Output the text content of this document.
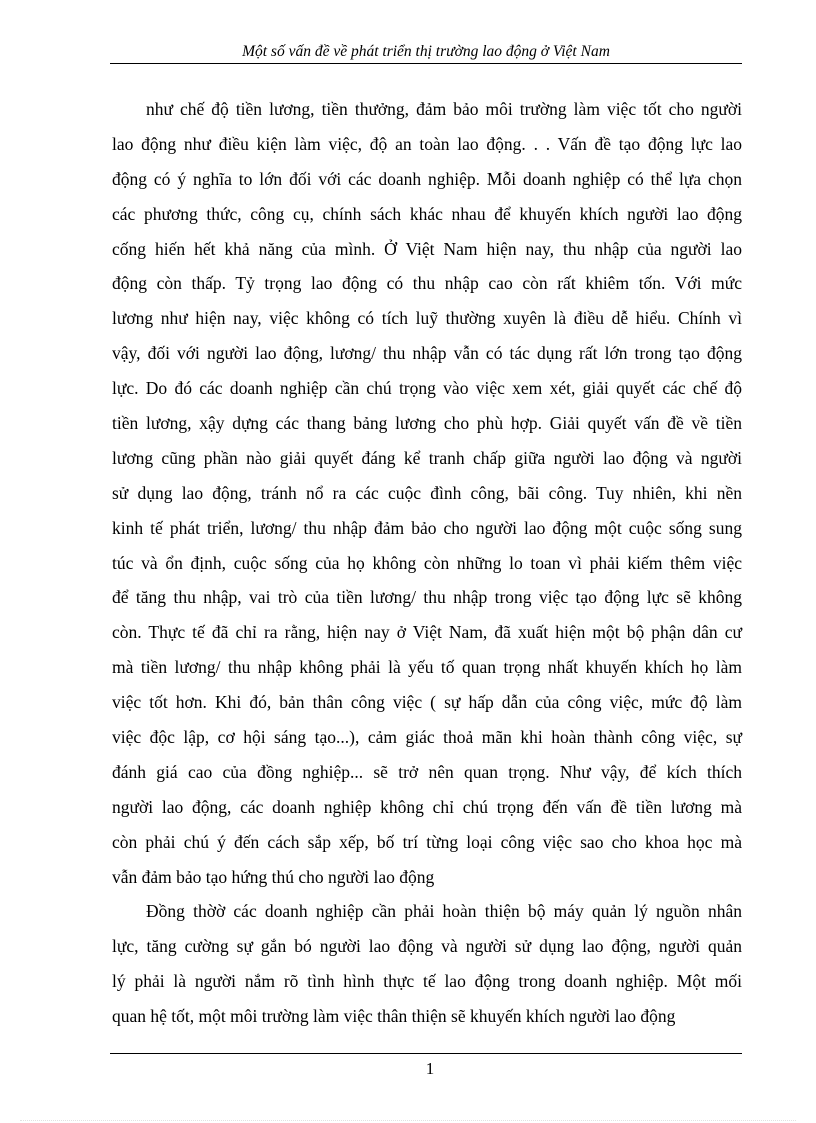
Một số vấn đề về phát triển thị trường lao động ở Việt Nam
như chế độ tiền lương, tiền thưởng, đảm bảo môi trường làm việc tốt cho người
lao động như điều kiện làm việc, độ an toàn lao động. . . Vấn đề tạo động lực lao
động có ý nghĩa to lớn đối với các doanh nghiệp. Mỗi doanh nghiệp có thể lựa chọn
các phương thức, công cụ, chính sách khác nhau để khuyến khích người lao động
cống hiến hết khả năng của mình. Ở Việt Nam hiện nay, thu nhập của người lao
động còn thấp. Tỷ trọng lao động có thu nhập cao còn rất khiêm tốn. Với mức
lương như hiện nay, việc không có tích luỹ thường xuyên là điều dễ hiểu. Chính vì
vậy, đối với người lao động, lương/ thu nhập vẫn có tác dụng rất lớn trong tạo động
lực. Do đó các doanh nghiệp cần chú trọng vào việc xem xét, giải quyết các chế độ
tiền lương, xậy dựng các thang bảng lương cho phù hợp. Giải quyết vấn đề về tiền
lương cũng phần nào giải quyết đáng kể tranh chấp giữa người lao động và người
sử dụng lao động, tránh nổ ra các cuộc đình công, bãi công. Tuy nhiên, khi nền
kinh tế phát triển, lương/ thu nhập đảm bảo cho người lao động một cuộc sống sung
túc và ổn định, cuộc sống của họ không còn những lo toan vì phải kiếm thêm việc
để tăng thu nhập, vai trò của tiền lương/ thu nhập trong việc tạo động lực sẽ không
còn. Thực tế đã chỉ ra rằng, hiện nay ở Việt Nam, đã xuất hiện một bộ phận dân cư
mà tiền lương/ thu nhập không phải là yếu tố quan trọng nhất khuyến khích họ làm
việc tốt hơn. Khi đó, bản thân công việc ( sự hấp dẫn của công việc, mức độ làm
việc độc lập, cơ hội sáng tạo...), cảm giác thoả mãn khi hoàn thành công việc, sự
đánh giá cao của đồng nghiệp... sẽ trở nên quan trọng. Như vậy, để kích thích
người lao động, các doanh nghiệp không chỉ chú trọng đến vấn đề tiền lương mà
còn phải chú ý đến cách sắp xếp, bố trí từng loại công việc sao cho khoa học mà
vẫn đảm bảo tạo hứng thú cho người lao động
Đồng thờờ các doanh nghiệp cần phải hoàn thiện bộ máy quản lý nguồn nhân
lực, tăng cường sự gắn bó người lao động và người sử dụng lao động, người quản
lý phải là người nắm rõ tình hình thực tế lao động trong doanh nghiệp. Một mối
quan hệ tốt, một môi trường làm việc thân thiện sẽ khuyến khích người lao động
1
